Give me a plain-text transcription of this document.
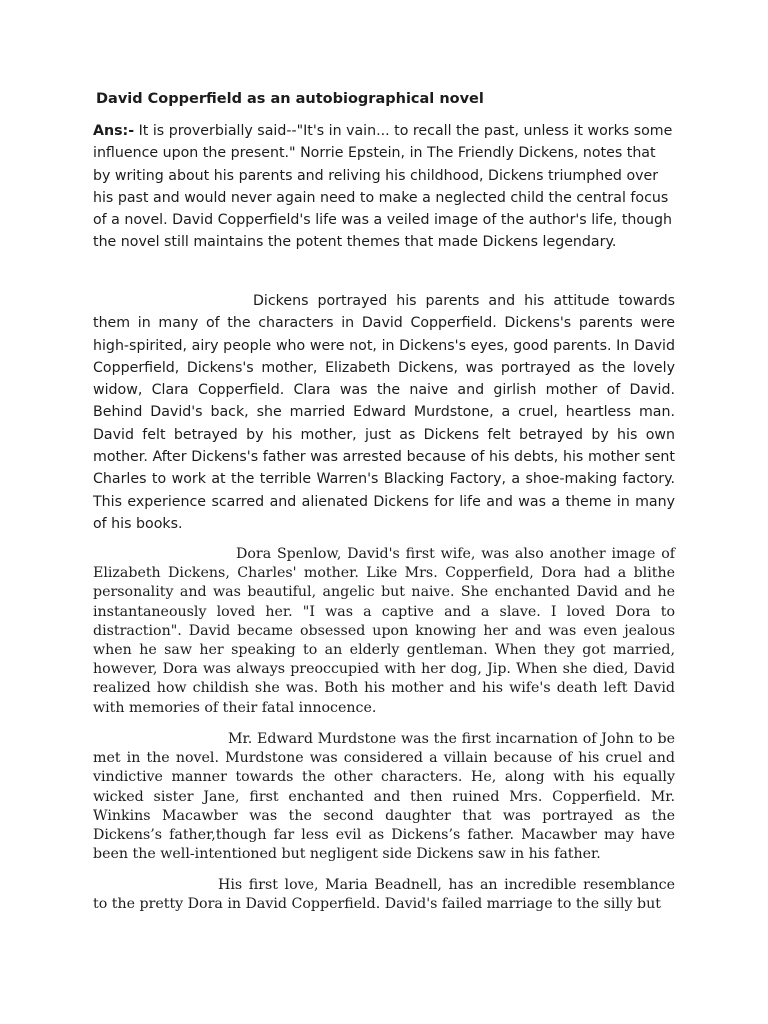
David Copperfield as an autobiographical novel

Ans:- It is proverbially said--"It's in vain... to recall the past, unless it works some influence upon the present." Norrie Epstein, in The Friendly Dickens, notes that by writing about his parents and reliving his childhood, Dickens triumphed over his past and would never again need to make a neglected child the central focus of a novel. David Copperfield's life was a veiled image of the author's life, though the novel still maintains the potent themes that made Dickens legendary.

Dickens portrayed his parents and his attitude towards them in many of the characters in David Copperfield. Dickens's parents were high-spirited, airy people who were not, in Dickens's eyes, good parents. In David Copperfield, Dickens's mother, Elizabeth Dickens, was portrayed as the lovely widow, Clara Copperfield. Clara was the naive and girlish mother of David. Behind David's back, she married Edward Murdstone, a cruel, heartless man. David felt betrayed by his mother, just as Dickens felt betrayed by his own mother. After Dickens's father was arrested because of his debts, his mother sent Charles to work at the terrible Warren's Blacking Factory, a shoe-making factory. This experience scarred and alienated Dickens for life and was a theme in many of his books.

Dora Spenlow, David's first wife, was also another image of Elizabeth Dickens, Charles' mother. Like Mrs. Copperfield, Dora had a blithe personality and was beautiful, angelic but naive. She enchanted David and he instantaneously loved her. "I was a captive and a slave. I loved Dora to distraction". David became obsessed upon knowing her and was even jealous when he saw her speaking to an elderly gentleman. When they got married, however, Dora was always preoccupied with her dog, Jip. When she died, David realized how childish she was. Both his mother and his wife's death left David with memories of their fatal innocence.

Mr. Edward Murdstone was the first incarnation of John to be met in the novel. Murdstone was considered a villain because of his cruel and vindictive manner towards the other characters. He, along with his equally wicked sister Jane, first enchanted and then ruined Mrs. Copperfield. Mr. Winkins Macawber was the second daughter that was portrayed as the Dickens’s father,though far less evil as Dickens’s father. Macawber may have been the well-intentioned but negligent side Dickens saw in his father.

His first love, Maria Beadnell, has an incredible resemblance to the pretty Dora in David Copperfield. David's failed marriage to the silly but
